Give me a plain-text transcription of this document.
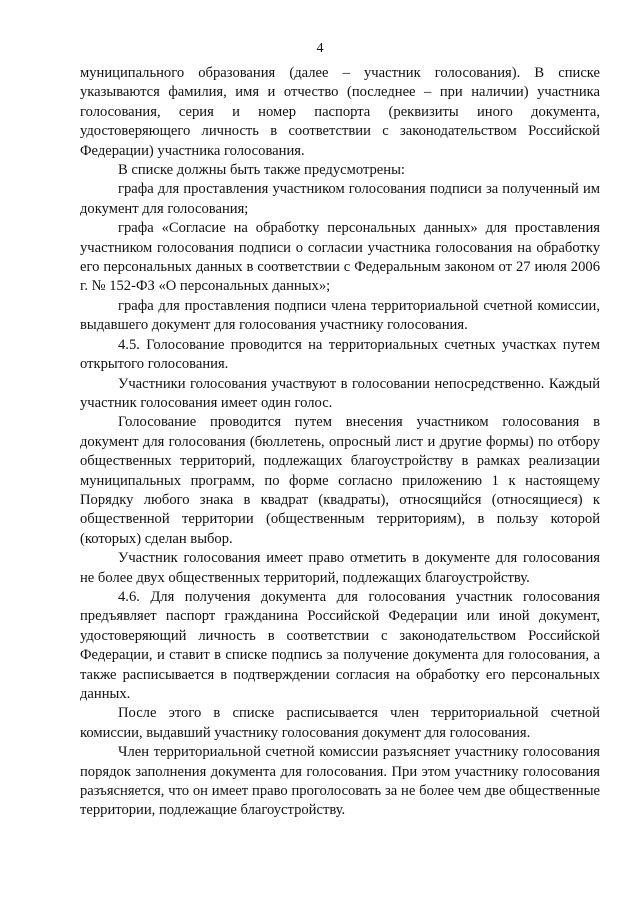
4

муниципального образования (далее – участник голосования). В списке указываются фамилия, имя и отчество (последнее – при наличии) участника голосования, серия и номер паспорта (реквизиты иного документа, удостоверяющего личность в соответствии с законодательством Российской Федерации) участника голосования.

В списке должны быть также предусмотрены:

графа для проставления участником голосования подписи за полученный им документ для голосования;

графа «Согласие на обработку персональных данных» для проставления участником голосования подписи о согласии участника голосования на обработку его персональных данных в соответствии с Федеральным законом от 27 июля 2006 г. № 152-ФЗ «О персональных данных»;

графа для проставления подписи члена территориальной счетной комиссии, выдавшего документ для голосования участнику голосования.

4.5. Голосование проводится на территориальных счетных участках путем открытого голосования.

Участники голосования участвуют в голосовании непосредственно. Каждый участник голосования имеет один голос.

Голосование проводится путем внесения участником голосования в документ для голосования (бюллетень, опросный лист и другие формы) по отбору общественных территорий, подлежащих благоустройству в рамках реализации муниципальных программ, по форме согласно приложению 1 к настоящему Порядку любого знака в квадрат (квадраты), относящийся (относящиеся) к общественной территории (общественным территориям), в пользу которой (которых) сделан выбор.

Участник голосования имеет право отметить в документе для голосования не более двух общественных территорий, подлежащих благоустройству.

4.6. Для получения документа для голосования участник голосования предъявляет паспорт гражданина Российской Федерации или иной документ, удостоверяющий личность в соответствии с законодательством Российской Федерации, и ставит в списке подпись за получение документа для голосования, а также расписывается в подтверждении согласия на обработку его персональных данных.

После этого в списке расписывается член территориальной счетной комиссии, выдавший участнику голосования документ для голосования.

Член территориальной счетной комиссии разъясняет участнику голосования порядок заполнения документа для голосования. При этом участнику голосования разъясняется, что он имеет право проголосовать за не более чем две общественные территории, подлежащие благоустройству.
